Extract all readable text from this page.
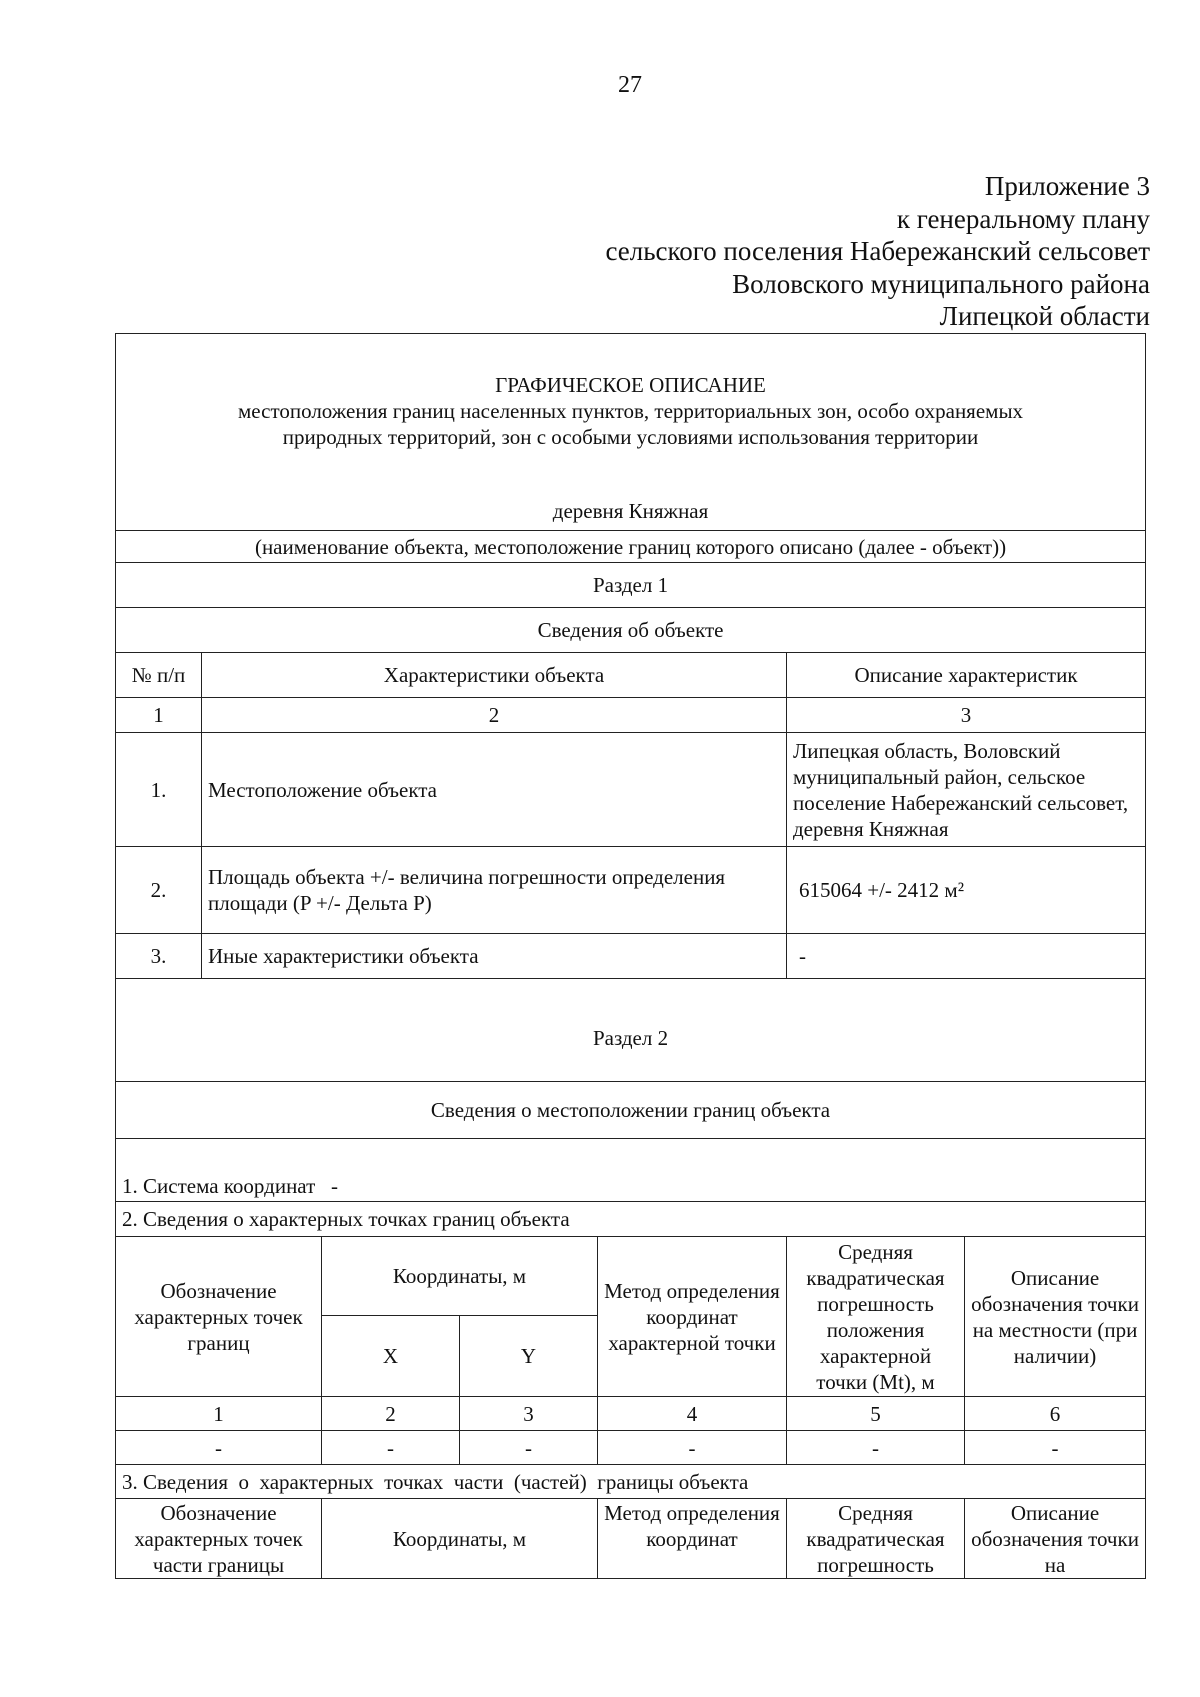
27
Приложение 3
к генеральному плану
сельского поселения Набережанский сельсовет
Воловского муниципального района
Липецкой области
ГРАФИЧЕСКОЕ ОПИСАНИЕ
местоположения границ населенных пунктов, территориальных зон, особо охраняемых
природных территорий, зон с особыми условиями использования территории						

деревня Княжная						
(наименование объекта, местоположение границ которого описано (далее - объект))						
Раздел 1						
Сведения об объекте						
№ п/п	Характеристики объекта				Описание характеристик	
1	2				3	
1.	Местоположение объекта				Липецкая область, Воловский муниципальный район, сельское поселение Набережанский сельсовет, деревня Княжная	
2.	Площадь объекта +/- величина погрешности определения площади (P +/- Дельта P)				615064 +/- 2412 м²	
3.	Иные характеристики объекта				-	
Раздел 2						
Сведения о местоположении границ объекта						
1. Система координат   -						
2. Сведения о характерных точках границ объекта						
Обозначение характерных точек границ		Координаты, м		Метод определения координат характерной точки	Средняя квадратическая погрешность положения характерной точки (Mt), м	Описание обозначения точки на местности (при наличии)
		X	Y			
1		2	3	4	5	6
-		-	-	-	-	-
3. Сведения  о  характерных  точках  части  (частей)  границы объекта						

Обозначение характерных точек части границы		Координаты, м		Метод определения координат	Средняя квадратическая погрешность	Описание обозначения точки на
